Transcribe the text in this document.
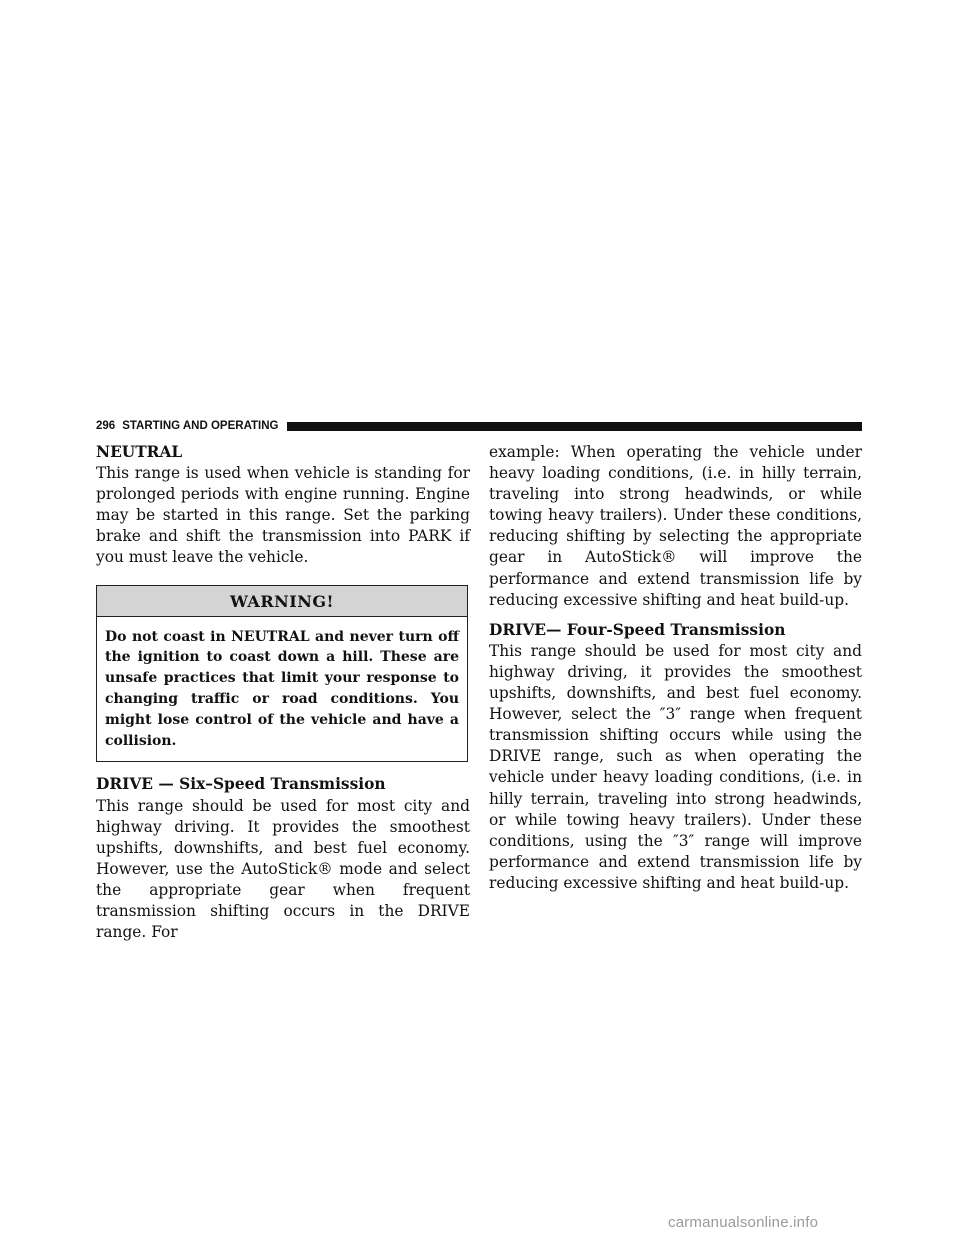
296 STARTING AND OPERATING

NEUTRAL

This range is used when vehicle is standing for prolonged periods with engine running. Engine may be started in this range. Set the parking brake and shift the transmission into PARK if you must leave the vehicle.

WARNING!
Do not coast in NEUTRAL and never turn off the ignition to coast down a hill. These are unsafe practices that limit your response to changing traffic or road conditions. You might lose control of the vehicle and have a collision.

DRIVE — Six–Speed Transmission

This range should be used for most city and highway driving. It provides the smoothest upshifts, downshifts, and best fuel economy. However, use the AutoStick® mode and select the appropriate gear when frequent transmission shifting occurs in the DRIVE range. For

example: When operating the vehicle under heavy loading conditions, (i.e. in hilly terrain, traveling into strong headwinds, or while towing heavy trailers). Under these conditions, reducing shifting by selecting the appropriate gear in AutoStick® will improve the performance and extend transmission life by reducing excessive shifting and heat build-up.

DRIVE— Four-Speed Transmission

This range should be used for most city and highway driving, it provides the smoothest upshifts, downshifts, and best fuel economy. However, select the ″3″ range when frequent transmission shifting occurs while using the DRIVE range, such as when operating the vehicle under heavy loading conditions, (i.e. in hilly terrain, traveling into strong headwinds, or while towing heavy trailers). Under these conditions, using the ″3″ range will improve performance and extend transmission life by reducing excessive shifting and heat build-up.

carmanualsonline.info
